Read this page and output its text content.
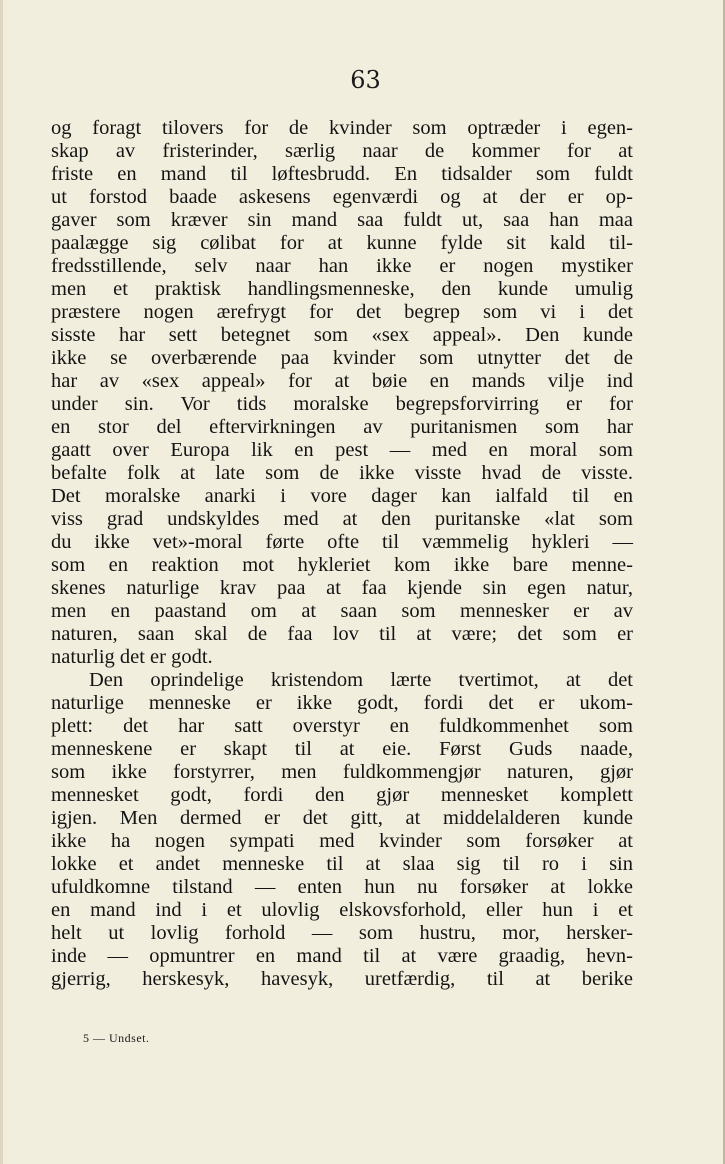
63
og foragt tilovers for de kvinder som optræder i egen-
skap av fristerinder, særlig naar de kommer for at
friste en mand til løftesbrudd. En tidsalder som fuldt
ut forstod baade askesens egenværdi og at der er op-
gaver som kræver sin mand saa fuldt ut, saa han maa
paalægge sig cølibat for at kunne fylde sit kald til-
fredsstillende, selv naar han ikke er nogen mystiker
men et praktisk handlingsmenneske, den kunde umulig
præstere nogen ærefrygt for det begrep som vi i det
sisste har sett betegnet som «sex appeal». Den kunde
ikke se overbærende paa kvinder som utnytter det de
har av «sex appeal» for at bøie en mands vilje ind
under sin. Vor tids moralske begrepsforvirring er for
en stor del eftervirkningen av puritanismen som har
gaatt over Europa lik en pest — med en moral som
befalte folk at late som de ikke visste hvad de visste.
Det moralske anarki i vore dager kan ialfald til en
viss grad undskyldes med at den puritanske «lat som
du ikke vet»-moral førte ofte til væmmelig hykleri —
som en reaktion mot hykleriet kom ikke bare menne-
skenes naturlige krav paa at faa kjende sin egen natur,
men en paastand om at saan som mennesker er av
naturen, saan skal de faa lov til at være; det som er
naturlig det er godt.
Den oprindelige kristendom lærte tvertimot, at det
naturlige menneske er ikke godt, fordi det er ukom-
plett: det har satt overstyr en fuldkommenhet som
menneskene er skapt til at eie. Først Guds naade,
som ikke forstyrrer, men fuldkommengjør naturen, gjør
mennesket godt, fordi den gjør mennesket komplett
igjen. Men dermed er det gitt, at middelalderen kunde
ikke ha nogen sympati med kvinder som forsøker at
lokke et andet menneske til at slaa sig til ro i sin
ufuldkomne tilstand — enten hun nu forsøker at lokke
en mand ind i et ulovlig elskovsforhold, eller hun i et
helt ut lovlig forhold — som hustru, mor, hersker-
inde — opmuntrer en mand til at være graadig, hevn-
gjerrig, herskesyk, havesyk, uretfærdig, til at berike
5 — Undset.
